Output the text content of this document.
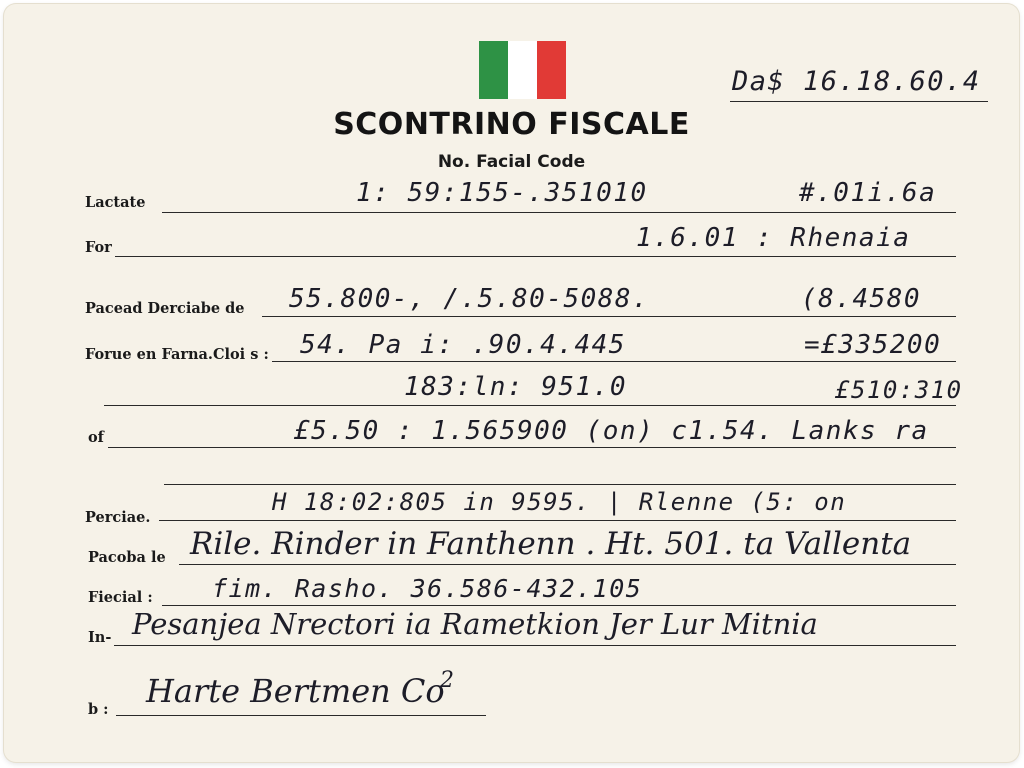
SCONTRINO FISCALE
No. Facial Code
Da$ 16.18.60.4
Lactate	1: 59:155-.351010	#.01i.6a
For	1.6.01 : Rhenaia
Pacead Derciabe de 55.800-, /.5.80-5088.	(8.4580
Forue en Farna.Cloi s : 54. Pa i: .90.4.445	=£335200
183:ln: 951.0	£510:310
of	£5.50 : 1.565900 (on) c1.54. Lanks ra
Perciae.
H 18:02:805 in 9595. | Rlenne (5: on
Pacoba le Rile. Rinder in Fanthenn . Ht. 501. ta Vallenta
Fiecial : fim. Rasho. 36.586-432.105
In- Pesanjea Nrectori ia Rametkion Jer Lur Mitnia
b : Harte Bertmen Co
2
